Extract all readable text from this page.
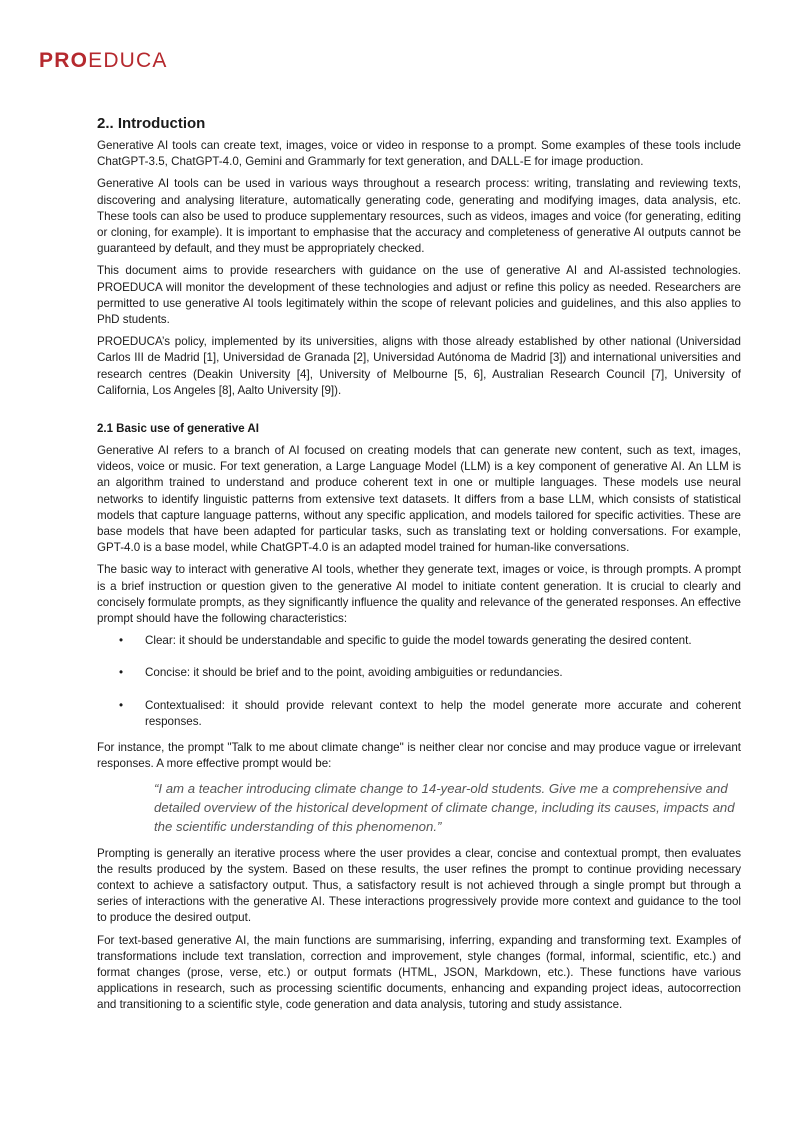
PROEDUCA
2.. Introduction

Generative AI tools can create text, images, voice or video in response to a prompt. Some examples of these tools include ChatGPT-3.5, ChatGPT-4.0, Gemini and Grammarly for text generation, and DALL-E for image production.

Generative AI tools can be used in various ways throughout a research process: writing, translating and reviewing texts, discovering and analysing literature, automatically generating code, generating and modifying images, data analysis, etc. These tools can also be used to produce supplementary resources, such as videos, images and voice (for generating, editing or cloning, for example). It is important to emphasise that the accuracy and completeness of generative AI outputs cannot be guaranteed by default, and they must be appropriately checked.

This document aims to provide researchers with guidance on the use of generative AI and AI-assisted technologies. PROEDUCA will monitor the development of these technologies and adjust or refine this policy as needed. Researchers are permitted to use generative AI tools legitimately within the scope of relevant policies and guidelines, and this also applies to PhD students.

PROEDUCA’s policy, implemented by its universities, aligns with those already established by other national (Universidad Carlos III de Madrid [1], Universidad de Granada [2], Universidad Autónoma de Madrid [3]) and international universities and research centres (Deakin University [4], University of Melbourne [5, 6], Australian Research Council [7], University of California, Los Angeles [8], Aalto University [9]).

2.1 Basic use of generative AI

Generative AI refers to a branch of AI focused on creating models that can generate new content, such as text, images, videos, voice or music. For text generation, a Large Language Model (LLM) is a key component of generative AI. An LLM is an algorithm trained to understand and produce coherent text in one or multiple languages. These models use neural networks to identify linguistic patterns from extensive text datasets. It differs from a base LLM, which consists of statistical models that capture language patterns, without any specific application, and models tailored for specific activities. These are base models that have been adapted for particular tasks, such as translating text or holding conversations. For example, GPT-4.0 is a base model, while ChatGPT-4.0 is an adapted model trained for human-like conversations.

The basic way to interact with generative AI tools, whether they generate text, images or voice, is through prompts. A prompt is a brief instruction or question given to the generative AI model to initiate content generation. It is crucial to clearly and concisely formulate prompts, as they significantly influence the quality and relevance of the generated responses. An effective prompt should have the following characteristics:

• Clear: it should be understandable and specific to guide the model towards generating the desired content.
• Concise: it should be brief and to the point, avoiding ambiguities or redundancies.
• Contextualised: it should provide relevant context to help the model generate more accurate and coherent responses.

For instance, the prompt "Talk to me about climate change" is neither clear nor concise and may produce vague or irrelevant responses. A more effective prompt would be:

“I am a teacher introducing climate change to 14-year-old students. Give me a comprehensive and detailed overview of the historical development of climate change, including its causes, impacts and the scientific understanding of this phenomenon.”

Prompting is generally an iterative process where the user provides a clear, concise and contextual prompt, then evaluates the results produced by the system. Based on these results, the user refines the prompt to continue providing necessary context to achieve a satisfactory output. Thus, a satisfactory result is not achieved through a single prompt but through a series of interactions with the generative AI. These interactions progressively provide more context and guidance to the tool to produce the desired output.

For text-based generative AI, the main functions are summarising, inferring, expanding and transforming text. Examples of transformations include text translation, correction and improvement, style changes (formal, informal, scientific, etc.) and format changes (prose, verse, etc.) or output formats (HTML, JSON, Markdown, etc.). These functions have various applications in research, such as processing scientific documents, enhancing and expanding project ideas, autocorrection and transitioning to a scientific style, code generation and data analysis, tutoring and study assistance.
